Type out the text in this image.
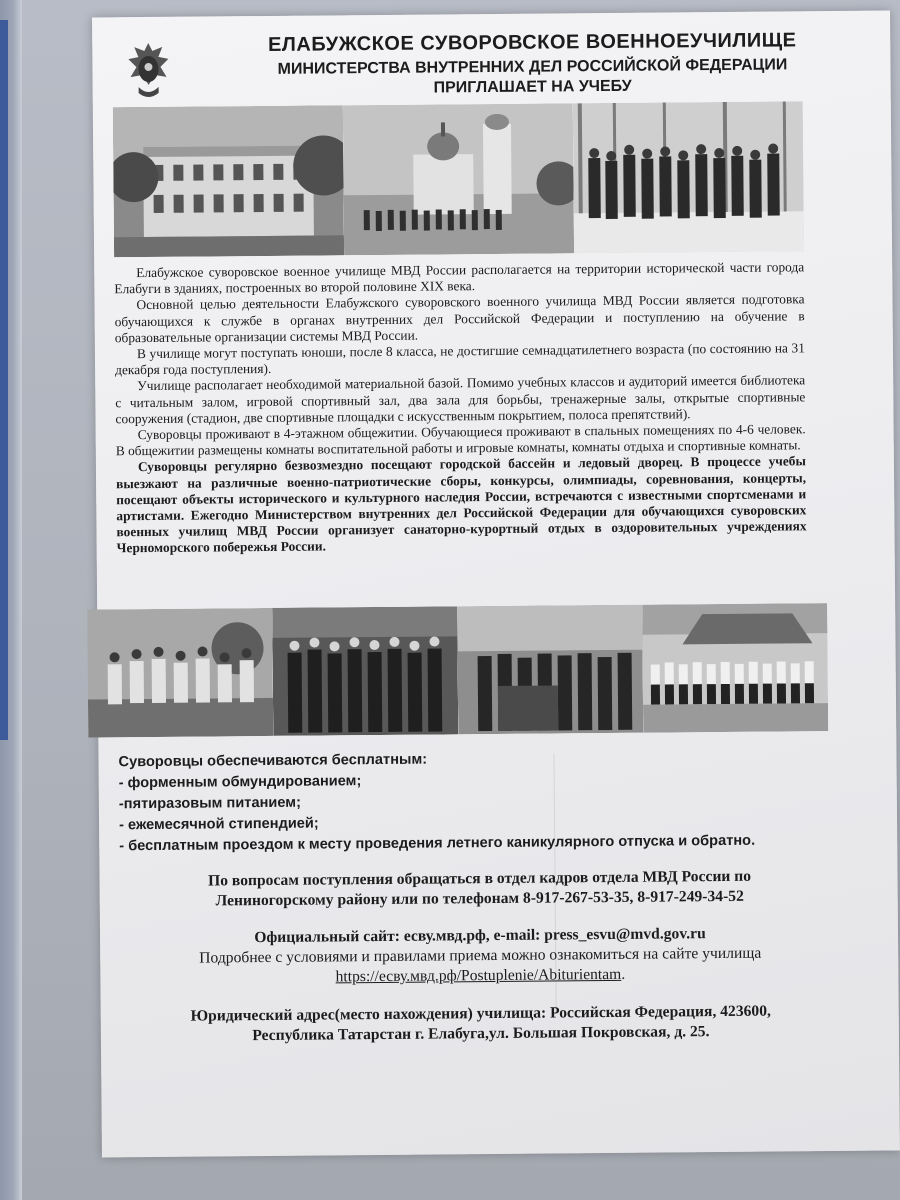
ЕЛАБУЖСКОЕ СУВОРОВСКОЕ ВОЕННОЕУЧИЛИЩЕ
МИНИСТЕРСТВА ВНУТРЕННИХ ДЕЛ РОССИЙСКОЙ ФЕДЕРАЦИИ
ПРИГЛАШАЕТ НА УЧЕБУ

Елабужское суворовское военное училище МВД России располагается на территории исторической части города Елабуги в зданиях, построенных во второй половине XIX века.

Основной целью деятельности Елабужского суворовского военного училища МВД России является подготовка обучающихся к службе в органах внутренних дел Российской Федерации и поступлению на обучение в образовательные организации системы МВД России.

В училище могут поступать юноши, после 8 класса, не достигшие семнадцатилетнего возраста (по состоянию на 31 декабря года поступления).

Училище располагает необходимой материальной базой. Помимо учебных классов и аудиторий имеется библиотека с читальным залом, игровой спортивный зал, два зала для борьбы, тренажерные залы, открытые спортивные сооружения (стадион, две спортивные площадки с искусственным покрытием, полоса препятствий).

Суворовцы проживают в 4-этажном общежитии. Обучающиеся проживают в спальных помещениях по 4-6 человек. В общежитии размещены комнаты воспитательной работы и игровые комнаты, комнаты отдыха и спортивные комнаты.

Суворовцы регулярно безвозмездно посещают городской бассейн и ледовый дворец. В процессе учебы выезжают на различные военно-патриотические сборы, конкурсы, олимпиады, соревнования, концерты, посещают объекты исторического и культурного наследия России, встречаются с известными спортсменами и артистами. Ежегодно Министерством внутренних дел Российской Федерации для обучающихся суворовских военных училищ МВД России организует санаторно-курортный отдых в оздоровительных учреждениях Черноморского побережья России.

Суворовцы обеспечиваются бесплатным:
- форменным обмундированием;
-пятиразовым питанием;
- ежемесячной стипендией;
- бесплатным проездом к месту проведения летнего каникулярного отпуска и обратно.
По вопросам поступления обращаться в отдел кадров отдела МВД России по
Лениногорскому району или по телефонам 8-917-267-53-35, 8-917-249-34-52
Официальный сайт: есву.мвд.рф, e-mail: press_esvu@mvd.gov.ru
Подробнее с условиями и правилами приема можно ознакомиться на сайте училища
https://есву.мвд.рф/Postuplenie/Abiturientam.
Юридический адрес(место нахождения) училища: Российская Федерация, 423600,
Республика Татарстан г. Елабуга,ул. Большая Покровская, д. 25.
